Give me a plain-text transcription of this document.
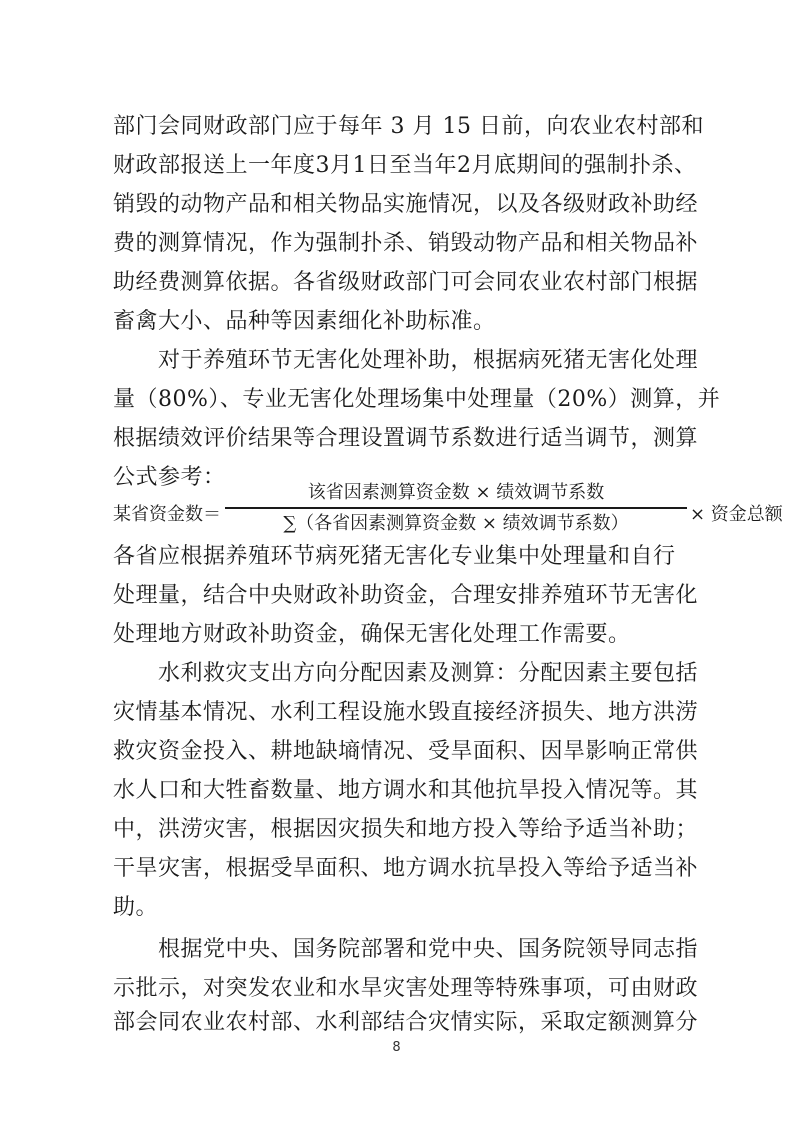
部门会同财政部门应于每年 3 月 15 日前，向农业农村部和
财政部报送上一年度3月1日至当年2月底期间的强制扑杀、
销毁的动物产品和相关物品实施情况，以及各级财政补助经
费的测算情况，作为强制扑杀、销毁动物产品和相关物品补
助经费测算依据。各省级财政部门可会同农业农村部门根据
畜禽大小、品种等因素细化补助标准。
对于养殖环节无害化处理补助，根据病死猪无害化处理
量（80%）、专业无害化处理场集中处理量（20%）测算，并
根据绩效评价结果等合理设置调节系数进行适当调节，测算
公式参考：
某省资金数＝
该省因素测算资金数 × 绩效调节系数
∑（各省因素测算资金数 × 绩效调节系数）	× 资金总额
各省应根据养殖环节病死猪无害化专业集中处理量和自行
处理量，结合中央财政补助资金，合理安排养殖环节无害化
处理地方财政补助资金，确保无害化处理工作需要。
水利救灾支出方向分配因素及测算：分配因素主要包括
灾情基本情况、水利工程设施水毁直接经济损失、地方洪涝
救灾资金投入、耕地缺墒情况、受旱面积、因旱影响正常供
水人口和大牲畜数量、地方调水和其他抗旱投入情况等。其
中，洪涝灾害，根据因灾损失和地方投入等给予适当补助；
干旱灾害，根据受旱面积、地方调水抗旱投入等给予适当补
助。
根据党中央、国务院部署和党中央、国务院领导同志指
示批示，对突发农业和水旱灾害处理等特殊事项，可由财政
部会同农业农村部、水利部结合灾情实际，采取定额测算分
8
